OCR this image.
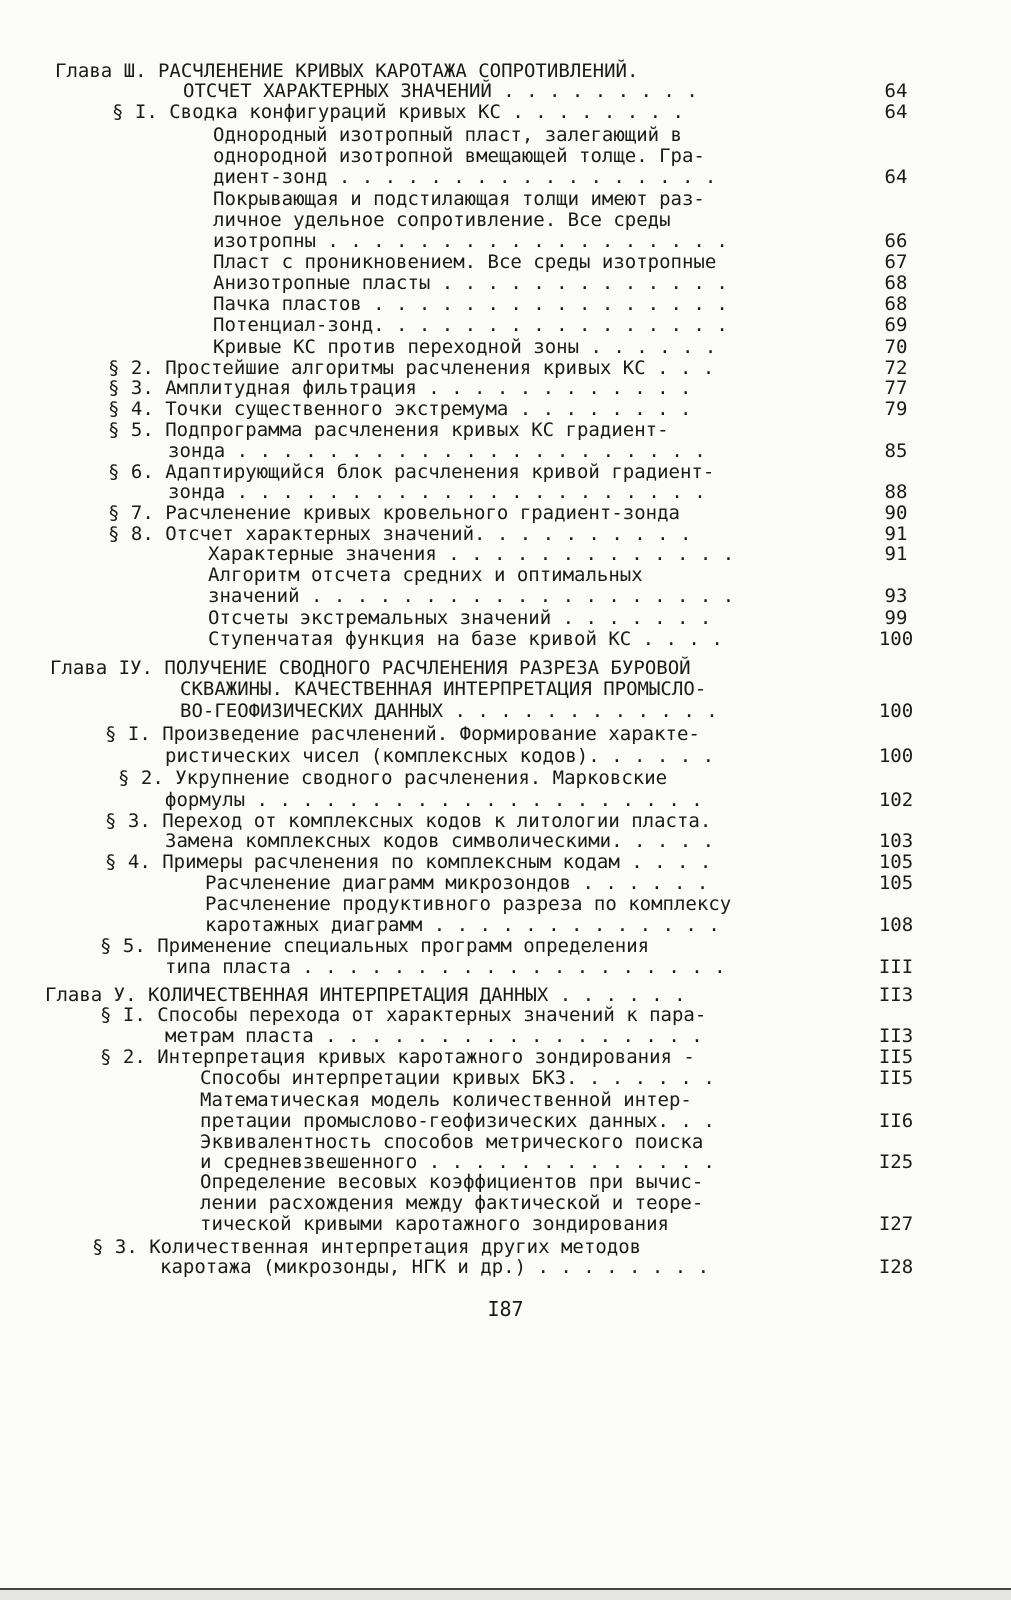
Глава Ш. РАСЧЛЕНЕНИЕ КРИВЫХ КАРОТАЖА СОПРОТИВЛЕНИЙ.
ОТСЧЕТ ХАРАКТЕРНЫХ ЗНАЧЕНИЙ . . . . . . . . .	64
§ I. Сводка конфигураций кривых КС . . . . . . . .	64
Однородный изотропный пласт, залегающий в
однородной изотропной вмещающей толще. Гра-
диент-зонд . . . . . . . . . . . . . . . . .	64
Покрывающая и подстилающая толщи имеют раз-
личное удельное сопротивление. Все среды
изотропны . . . . . . . . . . . . . . . . . .	66
Пласт с проникновением. Все среды изотропные	67
Анизотропные пласты . . . . . . . . . . . . .	68
Пачка пластов . . . . . . . . . . . . . . . .	68
Потенциал-зонд. . . . . . . . . . . . . . . .	69
Кривые КС против переходной зоны . . . . . .	70
§ 2. Простейшие алгоритмы расчленения кривых КС . . .	72
§ 3. Амплитудная фильтрация . . . . . . . . . . . .	77
§ 4. Точки существенного экстремума . . . . . . . .	79
§ 5. Подпрограмма расчленения кривых КС градиент-
зонда . . . . . . . . . . . . . . . . . . . . .	85
§ 6. Адаптирующийся блок расчленения кривой градиент-
зонда . . . . . . . . . . . . . . . . . . . . .	88
§ 7. Расчленение кривых кровельного градиент-зонда	90
§ 8. Отсчет характерных значений. . . . . . . . . .	91
Характерные значения . . . . . . . . . . . . .	91
Алгоритм отсчета средних и оптимальных
значений . . . . . . . . . . . . . . . . . . .	93
Отсчеты экстремальных значений . . . . . . .	99
Ступенчатая функция на базе кривой КС . . . .	100
Глава IУ. ПОЛУЧЕНИЕ СВОДНОГО РАСЧЛЕНЕНИЯ РАЗРЕЗА БУРОВОЙ
СКВАЖИНЫ. КАЧЕСТВЕННАЯ ИНТЕРПРЕТАЦИЯ ПРОМЫСЛО-
ВО-ГЕОФИЗИЧЕСКИХ ДАННЫХ . . . . . . . . . . . .	100
§ I. Произведение расчленений. Формирование характе-
ристических чисел (комплексных кодов). . . . . .	100
§ 2. Укрупнение сводного расчленения. Марковские
формулы . . . . . . . . . . . . . . . . . . . .	102
§ 3. Переход от комплексных кодов к литологии пласта.
Замена комплексных кодов символическими. . . . .	103
§ 4. Примеры расчленения по комплексным кодам . . . .	105
Расчленение диаграмм микрозондов . . . . . .	105
Расчленение продуктивного разреза по комплексу
каротажных диаграмм . . . . . . . . . . . . .	108
§ 5. Применение специальных программ определения
типа пласта . . . . . . . . . . . . . . . . . . .	III
Глава У. КОЛИЧЕСТВЕННАЯ ИНТЕРПРЕТАЦИЯ ДАННЫХ . . . . . .	II3
§ I. Способы перехода от характерных значений к пара-
метрам пласта . . . . . . . . . . . . . . . . .	II3
§ 2. Интерпретация кривых каротажного зондирования -	II5
Способы интерпретации кривых БКЗ. . . . . . .	II5
Математическая модель количественной интер-
претации промыслово-геофизических данных. . .	II6
Эквивалентность способов метрического поиска
и средневзвешенного . . . . . . . . . . . . .	I25
Определение весовых коэффициентов при вычис-
лении расхождения между фактической и теоре-
тической кривыми каротажного зондирования	I27
§ 3. Количественная интерпретация других методов
каротажа (микрозонды, НГК и др.) . . . . . . . .	I28
I87
